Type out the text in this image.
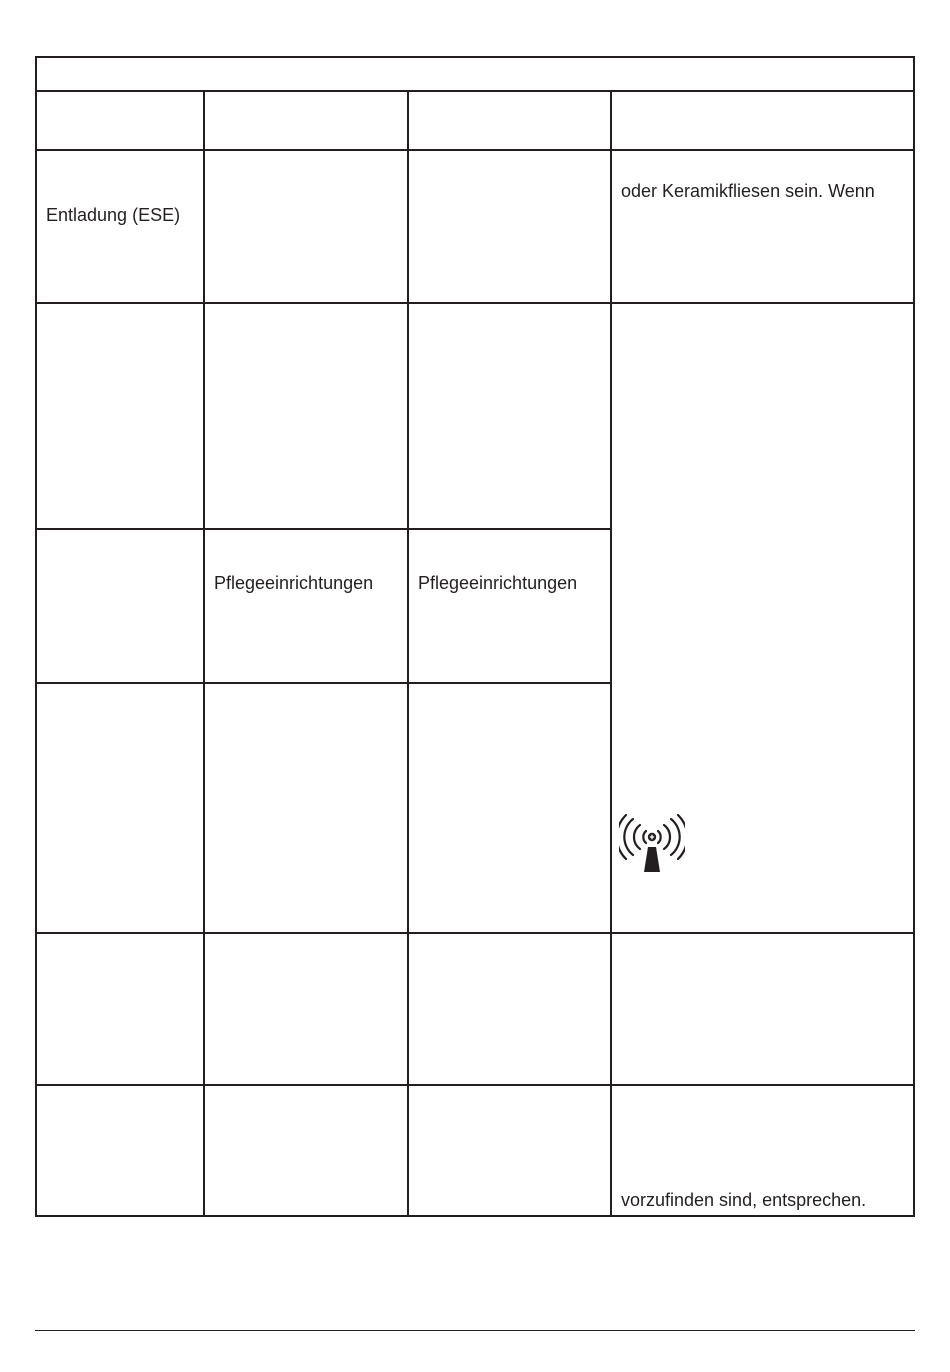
Entladung (ESE)
oder Keramikfliesen sein. Wenn
Pflegeeinrichtungen Pflegeeinrichtungen
vorzufinden sind, entsprechen.
